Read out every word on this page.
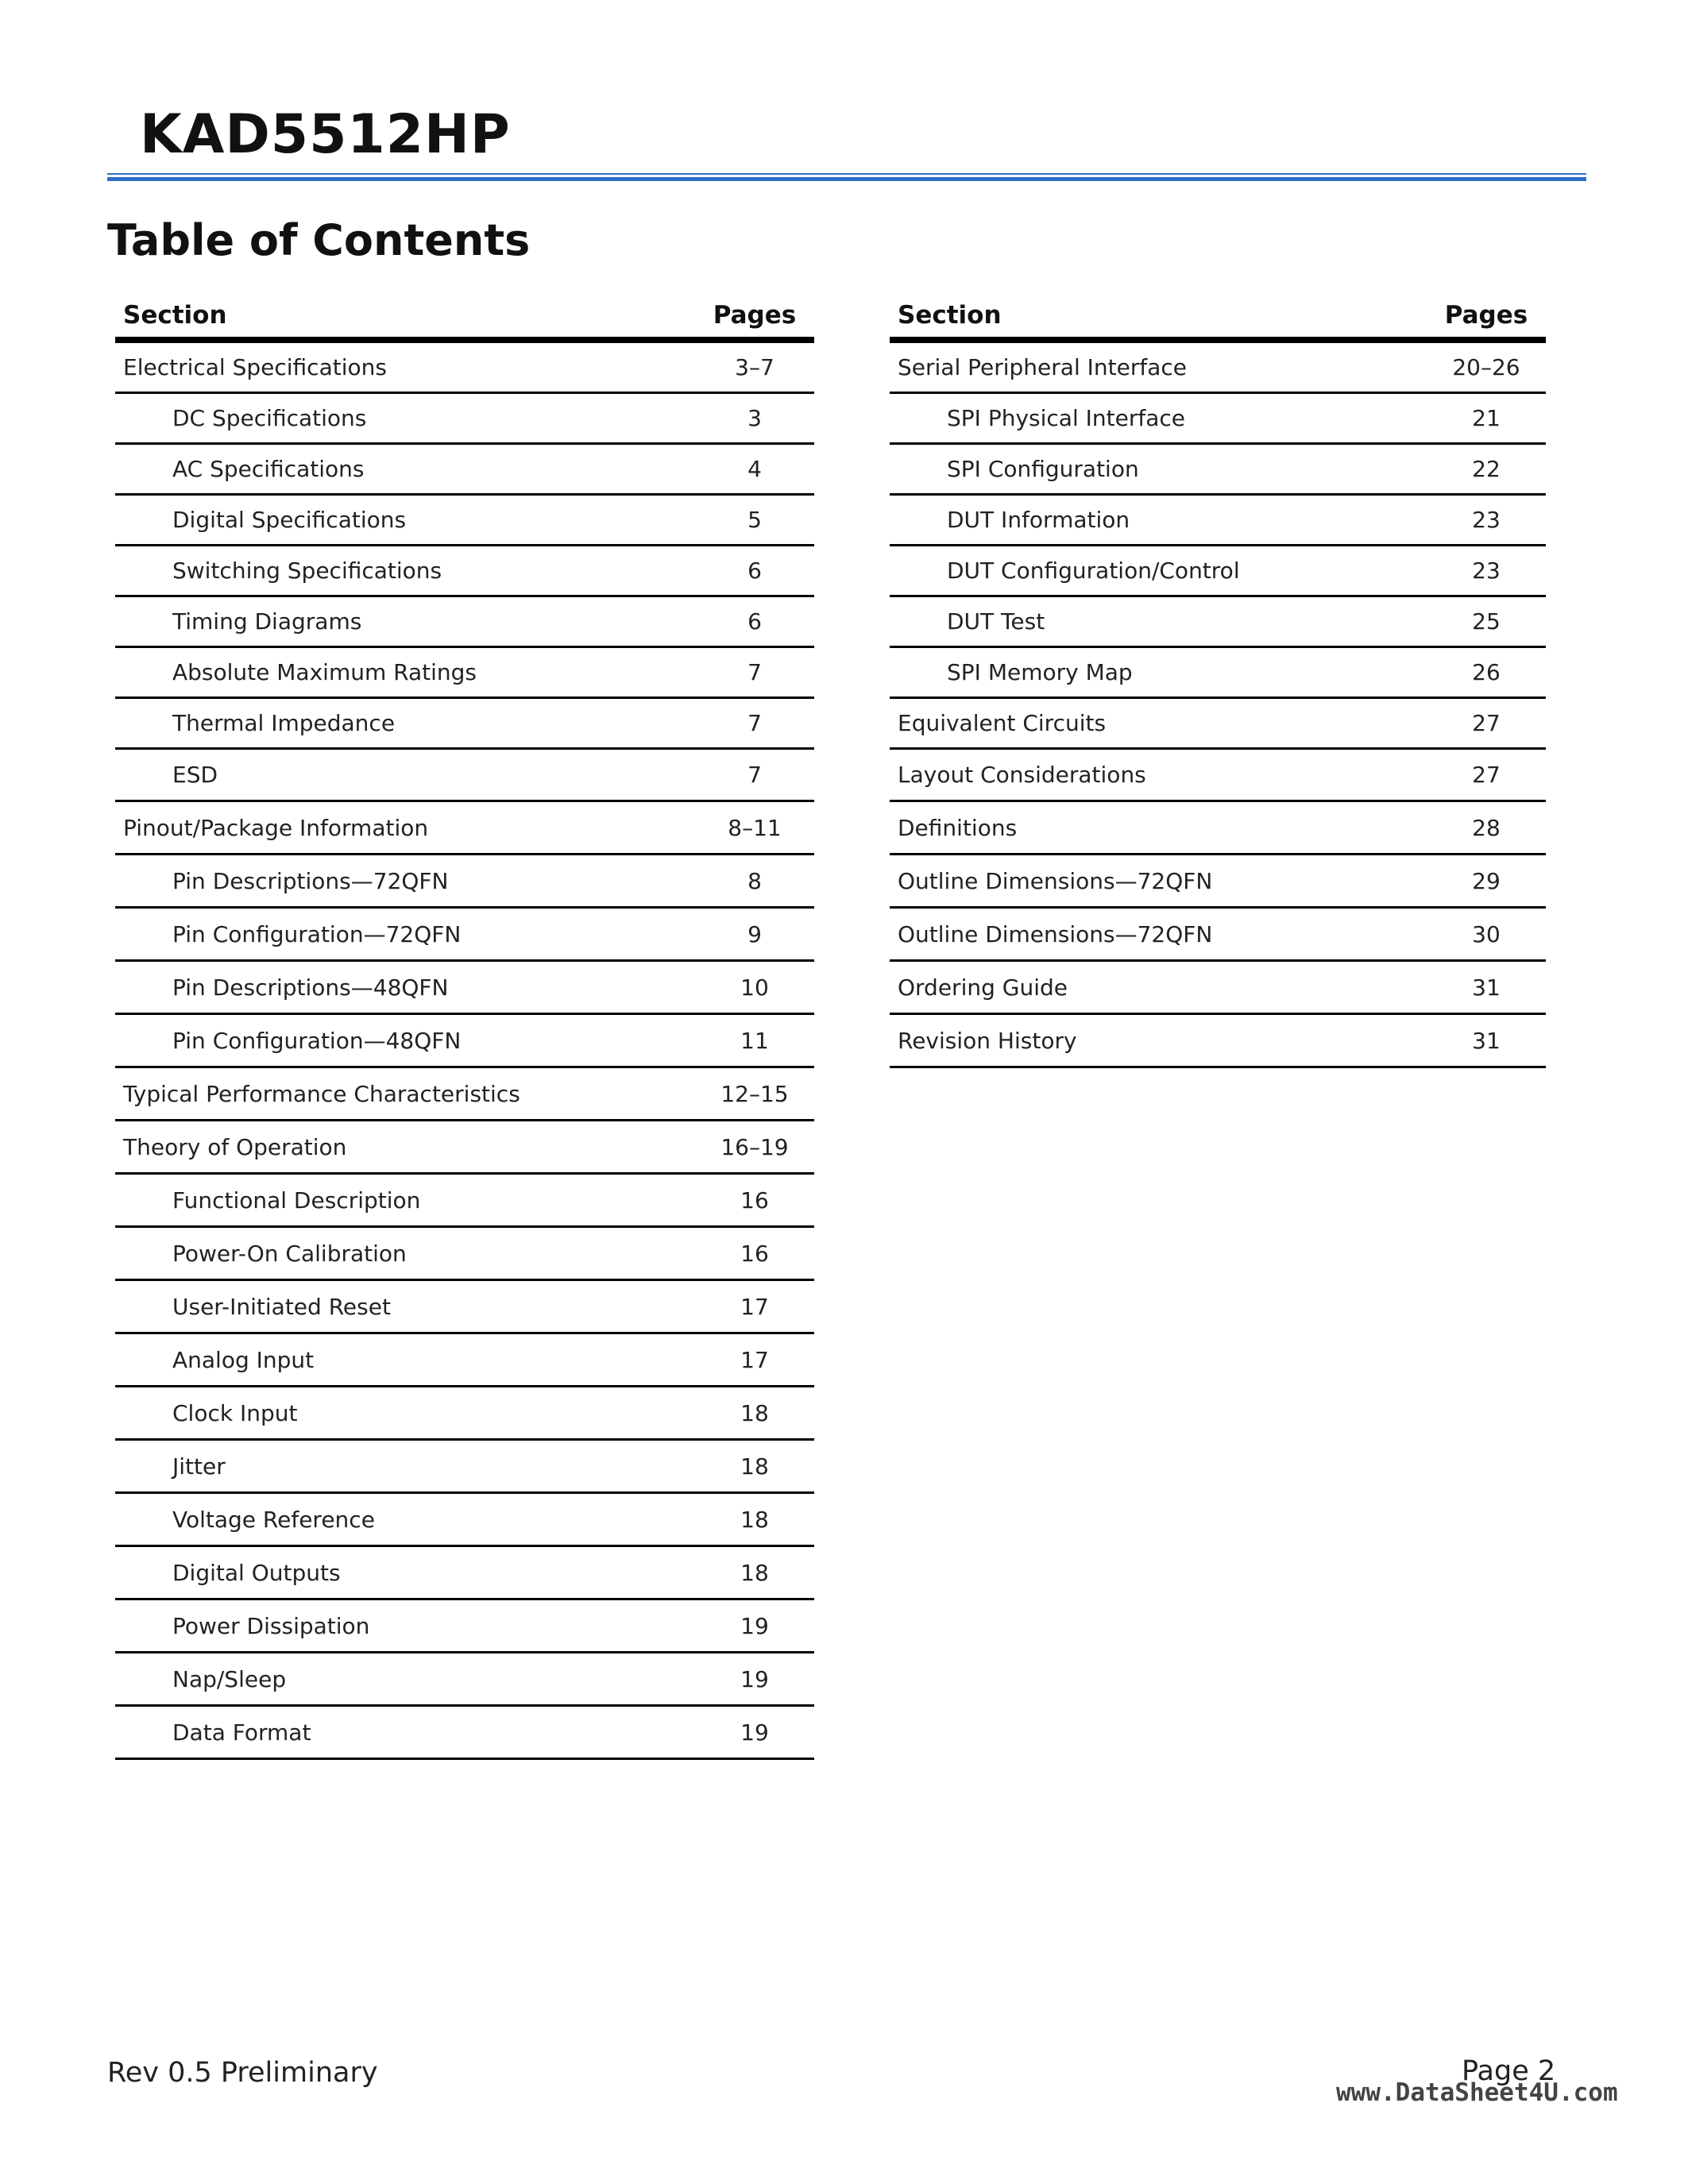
KAD5512HP
Table of Contents
Section	Pages
Electrical Specifications	3–7
DC Specifications	3
AC Specifications	4
Digital Specifications	5
Switching Specifications	6
Timing Diagrams	6
Absolute Maximum Ratings	7
Thermal Impedance	7
ESD	7
Pinout/Package Information	8–11
Pin Descriptions—72QFN	8
Pin Configuration—72QFN	9
Pin Descriptions—48QFN	10
Pin Configuration—48QFN	11
Typical Performance Characteristics	12–15
Theory of Operation	16–19
Functional Description	16
Power-On Calibration	16
User-Initiated Reset	17
Analog Input	17
Clock Input	18
Jitter	18
Voltage Reference	18
Digital Outputs	18
Power Dissipation	19
Nap/Sleep	19
Data Format	19
Section	Pages
Serial Peripheral Interface	20–26
SPI Physical Interface	21
SPI Configuration	22
DUT Information	23
DUT Configuration/Control	23
DUT Test	25
SPI Memory Map	26
Equivalent Circuits	27
Layout Considerations	27
Definitions	28
Outline Dimensions—72QFN	29
Outline Dimensions—72QFN	30
Ordering Guide	31
Revision History	31
Rev 0.5 Preliminary	Page 2
www.DataSheet4U.com
